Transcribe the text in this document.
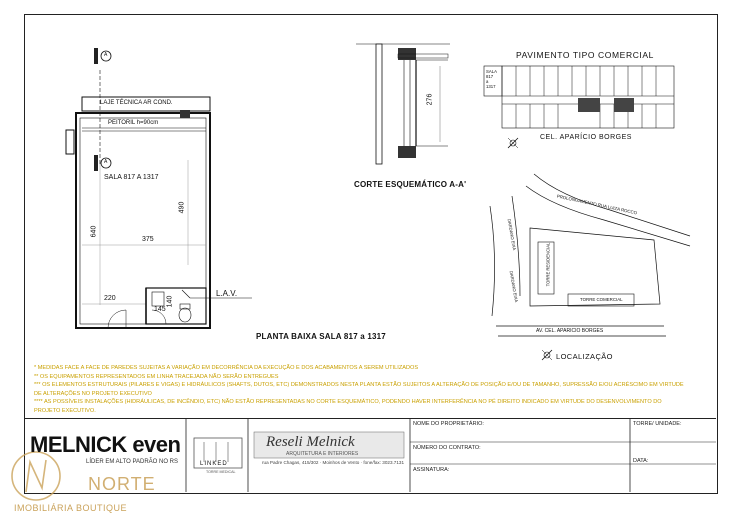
LAJE TÉCNICA AR COND.
PEITORIL h=90cm
SALA 817 A 1317
640
490
375
220
145
140
L.A.V.
A
A
PLANTA BAIXA SALA 817 a 1317
276
CORTE ESQUEMÁTICO A-A'
PAVIMENTO TIPO COMERCIAL
SALA
817
a
1317
CEL. APARÍCIO BORGES
PROLONGAMENTO RUA LUIZA ROCCO
DARDANO EIXA
DARDANO EIXA
TORRE RESIDENCIAL
TORRE COMERCIAL
AV. CEL. APARICIO BORGES
LOCALIZAÇÃO
* MEDIDAS FACE A FACE DE PAREDES SUJEITAS A VARIAÇÃO EM DECORRÊNCIA DA EXECUÇÃO E DOS ACABAMENTOS A SEREM UTILIZADOS
** OS EQUIPAMENTOS REPRESENTADOS EM LINHA TRACEJADA NÃO SERÃO ENTREGUES
*** OS ELEMENTOS ESTRUTURAIS (PILARES E VIGAS) E HIDRÁULICOS (SHAFTS, DUTOS, ETC) DEMONSTRADOS NESTA PLANTA ESTÃO SUJEITOS A ALTERAÇÃO DE POSIÇÃO E/OU DE TAMANHO, SUPRESSÃO E/OU ACRÉSCIMO EM VIRTUDE
DE ALTERAÇÕES NO PROJETO EXECUTIVO
**** AS POSSÍVEIS INSTALAÇÕES (HIDRÁULICAS, DE INCÊNDIO, ETC) NÃO ESTÃO REPRESENTADAS NO CORTE ESQUEMÁTICO, PODENDO HAVER INTERFERÊNCIA NO PÉ DIREITO INDICADO EM VIRTUDE DO DESENVOLVIMENTO DO
PROJETO EXECUTIVO.
MELNICK even
LÍDER EM ALTO PADRÃO NO RS	LINKED
TORRE MEDICAL
Reseli Melnick
ARQUITETURA E INTERIORES
rua Padre Chagas, 415/302 · Moinhos de Vento · fone/fax: 3023.7131
NOME DO PROPRIETÁRIO:
NÚMERO DO CONTRATO:
ASSINATURA:
TORRE/ UNIDADE:
DATA:
NORTE
IMOBILIÁRIA BOUTIQUE
